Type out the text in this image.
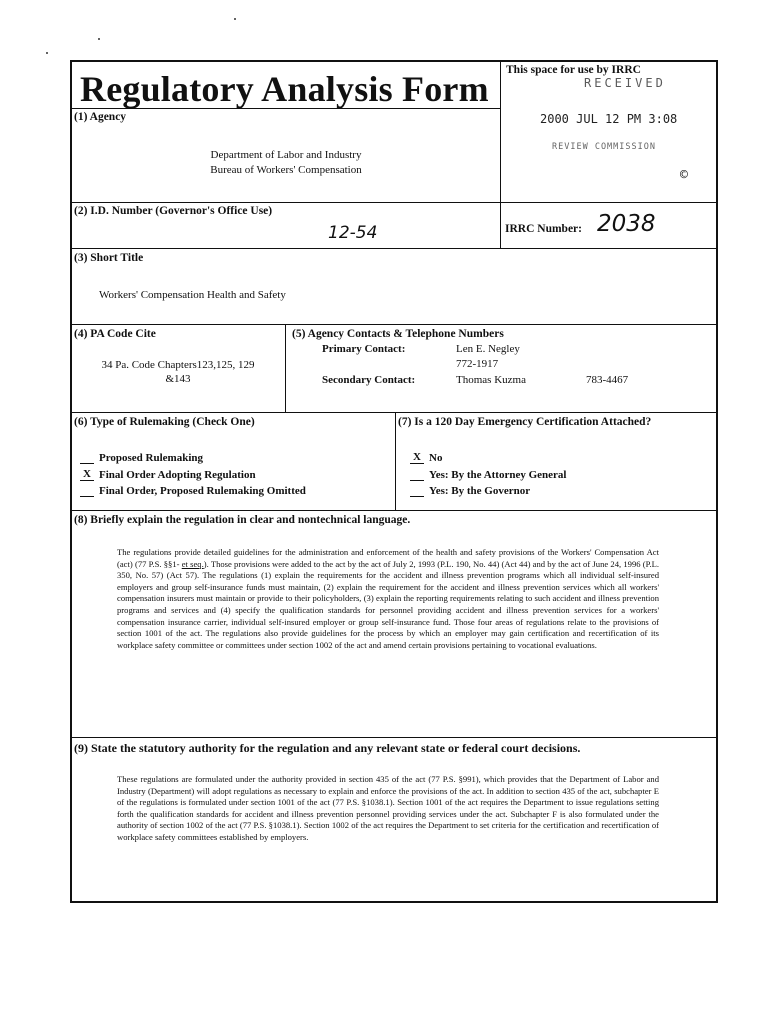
Regulatory Analysis Form This space for use by IRRC
RECEIVED
2000 JUL 12 PM 3:08
REVIEW COMMISSION
©
(1) Agency
Department of Labor and Industry
Bureau of Workers' Compensation
(2) I.D. Number (Governor's Office Use)
12-54	IRRC Number: 2038
(3) Short Title
Workers' Compensation Health and Safety
(4) PA Code Cite
34 Pa. Code Chapters123,125, 129
&143
(5) Agency Contacts & Telephone Numbers
Primary Contact:	Len E. Negley
772-1917
Secondary Contact:	Thomas Kuzma	783-4467
(6) Type of Rulemaking (Check One)
Proposed Rulemaking
X Final Order Adopting Regulation
Final Order, Proposed Rulemaking Omitted
(7) Is a 120 Day Emergency Certification Attached?
X No
Yes: By the Attorney General
Yes: By the Governor
(8) Briefly explain the regulation in clear and nontechnical language.
The regulations provide detailed guidelines for the administration and enforcement of the health and safety provisions of the Workers' Compensation Act (act) (77 P.S. §§1- et seq.). Those provisions were added to the act by the act of July 2, 1993 (P.L. 190, No. 44) (Act 44) and by the act of June 24, 1996 (P.L. 350, No. 57) (Act 57). The regulations (1) explain the requirements for the accident and illness prevention programs which all individual self-insured employers and group self-insurance funds must maintain, (2) explain the requirement for the accident and illness prevention services which all workers' compensation insurers must maintain or provide to their policyholders, (3) explain the reporting requirements relating to such accident and illness prevention programs and services and (4) specify the qualification standards for personnel providing accident and illness prevention services for a workers' compensation insurance carrier, individual self-insured employer or group self-insurance fund. Those four areas of regulations relate to the provisions of section 1001 of the act. The regulations also provide guidelines for the process by which an employer may gain certification and recertification of its workplace safety committee or committees under section 1002 of the act and amend certain provisions pertaining to vocational evaluations.
(9) State the statutory authority for the regulation and any relevant state or federal court decisions.
These regulations are formulated under the authority provided in section 435 of the act (77 P.S. §991), which provides that the Department of Labor and Industry (Department) will adopt regulations as necessary to explain and enforce the provisions of the act. In addition to section 435 of the act, subchapter E of the regulations is formulated under section 1001 of the act (77 P.S. §1038.1). Section 1001 of the act requires the Department to issue regulations setting forth the qualification standards for accident and illness prevention personnel providing services under the act. Subchapter F is also formulated under the authority of section 1002 of the act (77 P.S. §1038.1). Section 1002 of the act requires the Department to set criteria for the certification and recertification of workplace safety committees established by employers.
